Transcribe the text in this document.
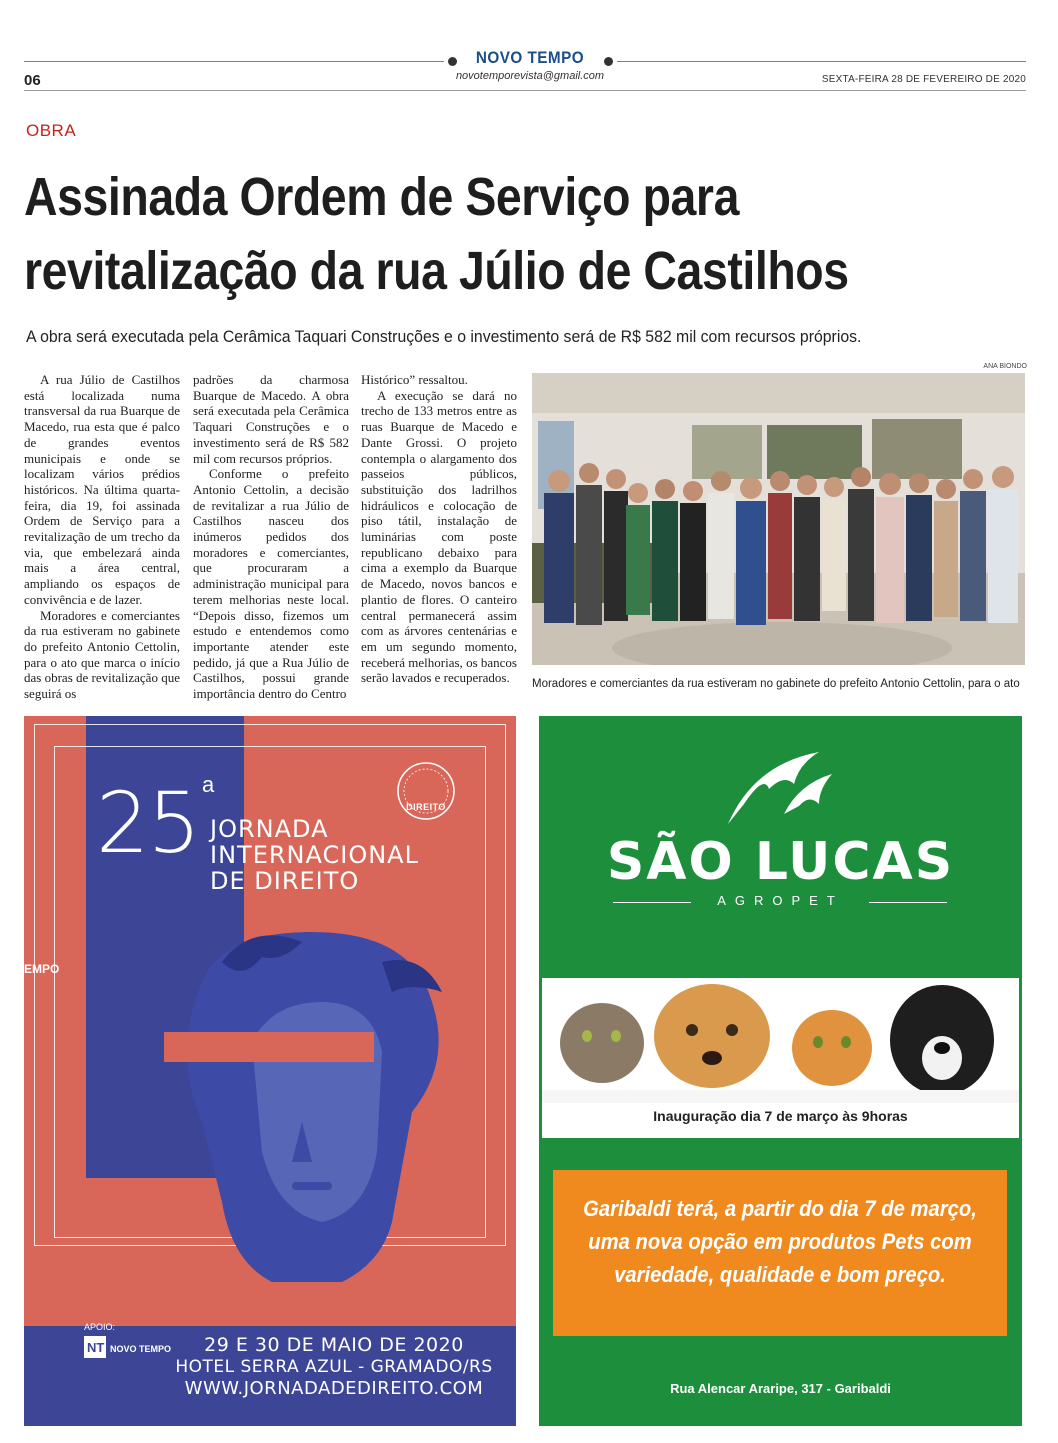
NOVO TEMPO
novotemporevista@gmail.com
06	SEXTA-FEIRA 28 DE FEVEREIRO DE 2020
OBRA
Assinada Ordem de Serviço para
revitalização da rua Júlio de Castilhos
A obra será executada pela Cerâmica Taquari Construções e o investimento será de R$ 582 mil com recursos próprios.

A rua Júlio de Castilhos está localizada numa transversal da rua Buarque de Macedo, rua esta que é palco de grandes eventos municipais e onde se localizam vários prédios históricos. Na última quarta-feira, dia 19, foi assinada Ordem de Serviço para a revitalização de um trecho da via, que embelezará ainda mais a área central, ampliando os espaços de convivência e de lazer.

Moradores e comerciantes da rua estiveram no gabinete do prefeito Antonio Cettolin, para o ato que marca o início das obras de revitalização que seguirá os

padrões da charmosa Buarque de Macedo. A obra será executada pela Cerâmica Taquari Construções e o investimento será de R$ 582 mil com recursos próprios.

Conforme o prefeito Antonio Cettolin, a decisão de revitalizar a rua Júlio de Castilhos nasceu dos inúmeros pedidos dos moradores e comerciantes, que procuraram a administração municipal para terem melhorias neste local. “Depois disso, fizemos um estudo e entendemos como importante atender este pedido, já que a Rua Júlio de Castilhos, possui grande importância dentro do Centro

Histórico” ressaltou.

A execução se dará no trecho de 133 metros entre as ruas Buarque de Macedo e Dante Grossi. O projeto contempla o alargamento dos passeios públicos, substituição dos ladrilhos hidráulicos e colocação de piso tátil, instalação de luminárias com poste republicano debaixo para cima a exemplo da Buarque de Macedo, novos bancos e plantio de flores. O canteiro central permanecerá assim com as árvores centenárias e em um segundo momento, receberá melhorias, os bancos serão lavados e recuperados.

ANA BIONDO
Moradores e comerciantes da rua estiveram no gabinete do prefeito Antonio Cettolin, para o ato
25 a
JORNADA
INTERNACIONAL
DE DIREITO
DIREITO
EMPO
29 E 30 DE MAIO DE 2020
HOTEL SERRA AZUL - GRAMADO/RS
WWW.JORNADADEDIREITO.COM
APOIO:
NT NOVO TEMPO
SÃO LUCAS
AGROPET
Inauguração dia 7 de março às 9horas
Garibaldi terá, a partir do dia 7 de março,
uma nova opção em produtos Pets com
variedade, qualidade e bom preço.
Rua Alencar Araripe, 317 - Garibaldi
